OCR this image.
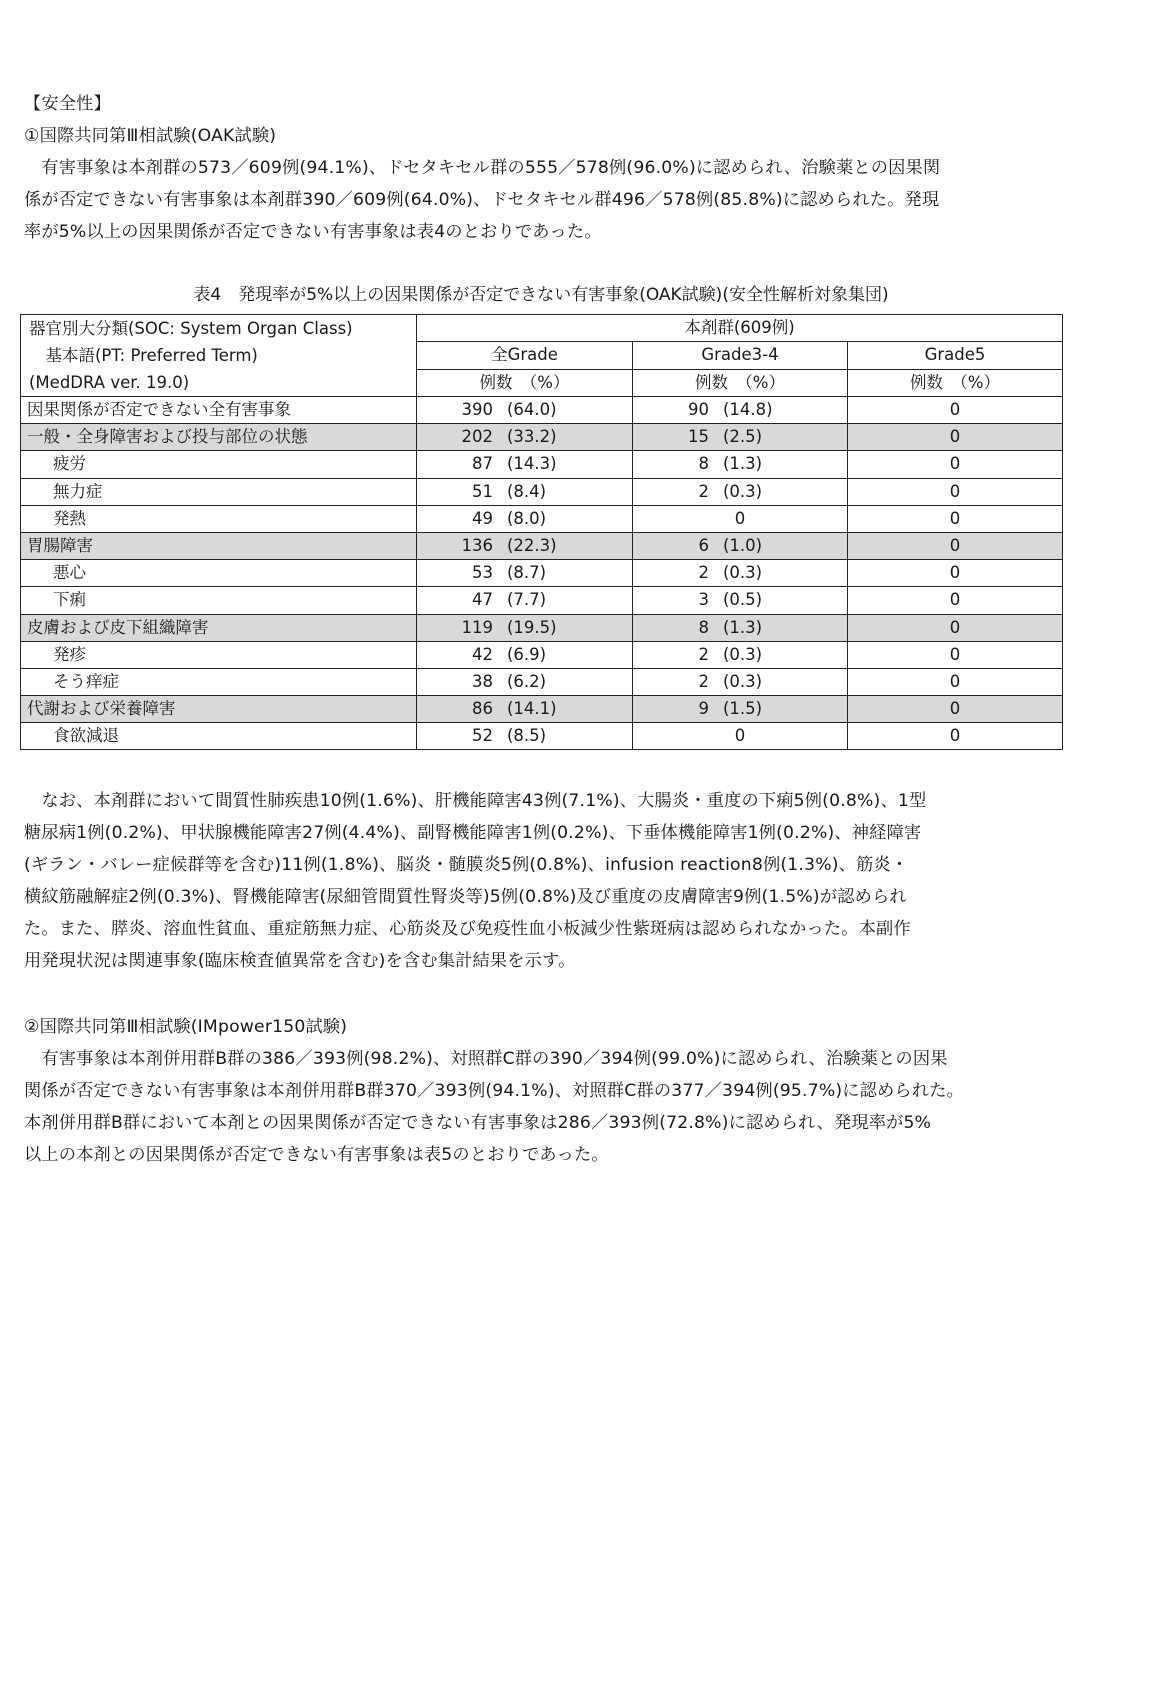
【安全性】
①国際共同第Ⅲ相試験(OAK試験)
　有害事象は本剤群の573／609例(94.1%)、ドセタキセル群の555／578例(96.0%)に認められ、治験薬との因果関
係が否定できない有害事象は本剤群390／609例(64.0%)、ドセタキセル群496／578例(85.8%)に認められた。発現
率が5%以上の因果関係が否定できない有害事象は表4のとおりであった。
表4　発現率が5%以上の因果関係が否定できない有害事象(OAK試験)(安全性解析対象集団)
器官別大分類(SOC: System Organ Class)
　基本語(PT: Preferred Term)
(MedDRA ver. 19.0)	本剤群(609例)		
	全Grade	Grade3-4	Grade5
	例数　（%）	例数　（%）	例数　（%）
因果関係が否定できない全有害事象	390 (64.0)	90 (14.8)	0
一般・全身障害および投与部位の状態	202 (33.2)	15 (2.5)	0
疲労	87 (14.3)	8 (1.3)	0
無力症	51 (8.4)	2 (0.3)	0
発熱	49 (8.0)	0	0
胃腸障害	136 (22.3)	6 (1.0)	0
悪心	53 (8.7)	2 (0.3)	0
下痢	47 (7.7)	3 (0.5)	0
皮膚および皮下組織障害	119 (19.5)	8 (1.3)	0
発疹	42 (6.9)	2 (0.3)	0
そう痒症	38 (6.2)	2 (0.3)	0
代謝および栄養障害	86 (14.1)	9 (1.5)	0
食欲減退	52 (8.5)	0	0
　なお、本剤群において間質性肺疾患10例(1.6%)、肝機能障害43例(7.1%)、大腸炎・重度の下痢5例(0.8%)、1型
糖尿病1例(0.2%)、甲状腺機能障害27例(4.4%)、副腎機能障害1例(0.2%)、下垂体機能障害1例(0.2%)、神経障害
(ギラン・バレー症候群等を含む)11例(1.8%)、脳炎・髄膜炎5例(0.8%)、infusion reaction8例(1.3%)、筋炎・
横紋筋融解症2例(0.3%)、腎機能障害(尿細管間質性腎炎等)5例(0.8%)及び重度の皮膚障害9例(1.5%)が認められ
た。また、膵炎、溶血性貧血、重症筋無力症、心筋炎及び免疫性血小板減少性紫斑病は認められなかった。本副作
用発現状況は関連事象(臨床検査値異常を含む)を含む集計結果を示す。
②国際共同第Ⅲ相試験(IMpower150試験)
　有害事象は本剤併用群B群の386／393例(98.2%)、対照群C群の390／394例(99.0%)に認められ、治験薬との因果
関係が否定できない有害事象は本剤併用群B群370／393例(94.1%)、対照群C群の377／394例(95.7%)に認められた。
本剤併用群B群において本剤との因果関係が否定できない有害事象は286／393例(72.8%)に認められ、発現率が5%
以上の本剤との因果関係が否定できない有害事象は表5のとおりであった。
